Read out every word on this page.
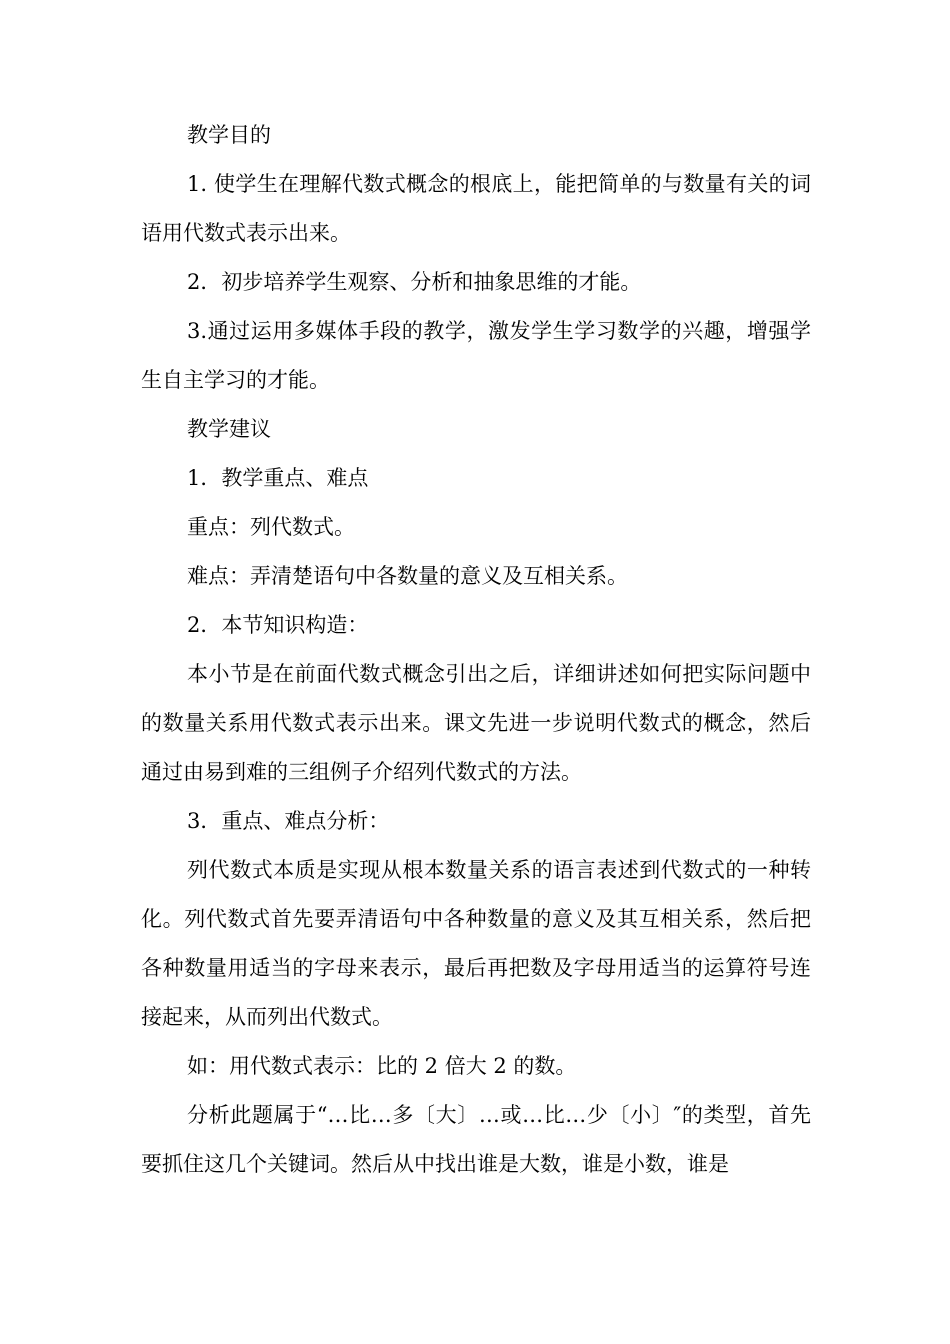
教学目的

1. 使学生在理解代数式概念的根底上，能把简单的与数量有关的词语用代数式表示出来。

2．初步培养学生观察、分析和抽象思维的才能。

3.通过运用多媒体手段的教学，激发学生学习数学的兴趣，增强学生自主学习的才能。

教学建议

1．教学重点、难点

重点：列代数式。

难点：弄清楚语句中各数量的意义及互相关系。

2．本节知识构造：

本小节是在前面代数式概念引出之后，详细讲述如何把实际问题中的数量关系用代数式表示出来。课文先进一步说明代数式的概念，然后通过由易到难的三组例子介绍列代数式的方法。

3．重点、难点分析：

列代数式本质是实现从根本数量关系的语言表述到代数式的一种转化。列代数式首先要弄清语句中各种数量的意义及其互相关系，然后把各种数量用适当的字母来表示，最后再把数及字母用适当的运算符号连接起来，从而列出代数式。

如：用代数式表示：比的 2 倍大 2 的数。

分析此题属于“…比…多〔大〕…或…比…少〔小〕″的类型，首先要抓住这几个关键词。然后从中找出谁是大数，谁是小数，谁是
